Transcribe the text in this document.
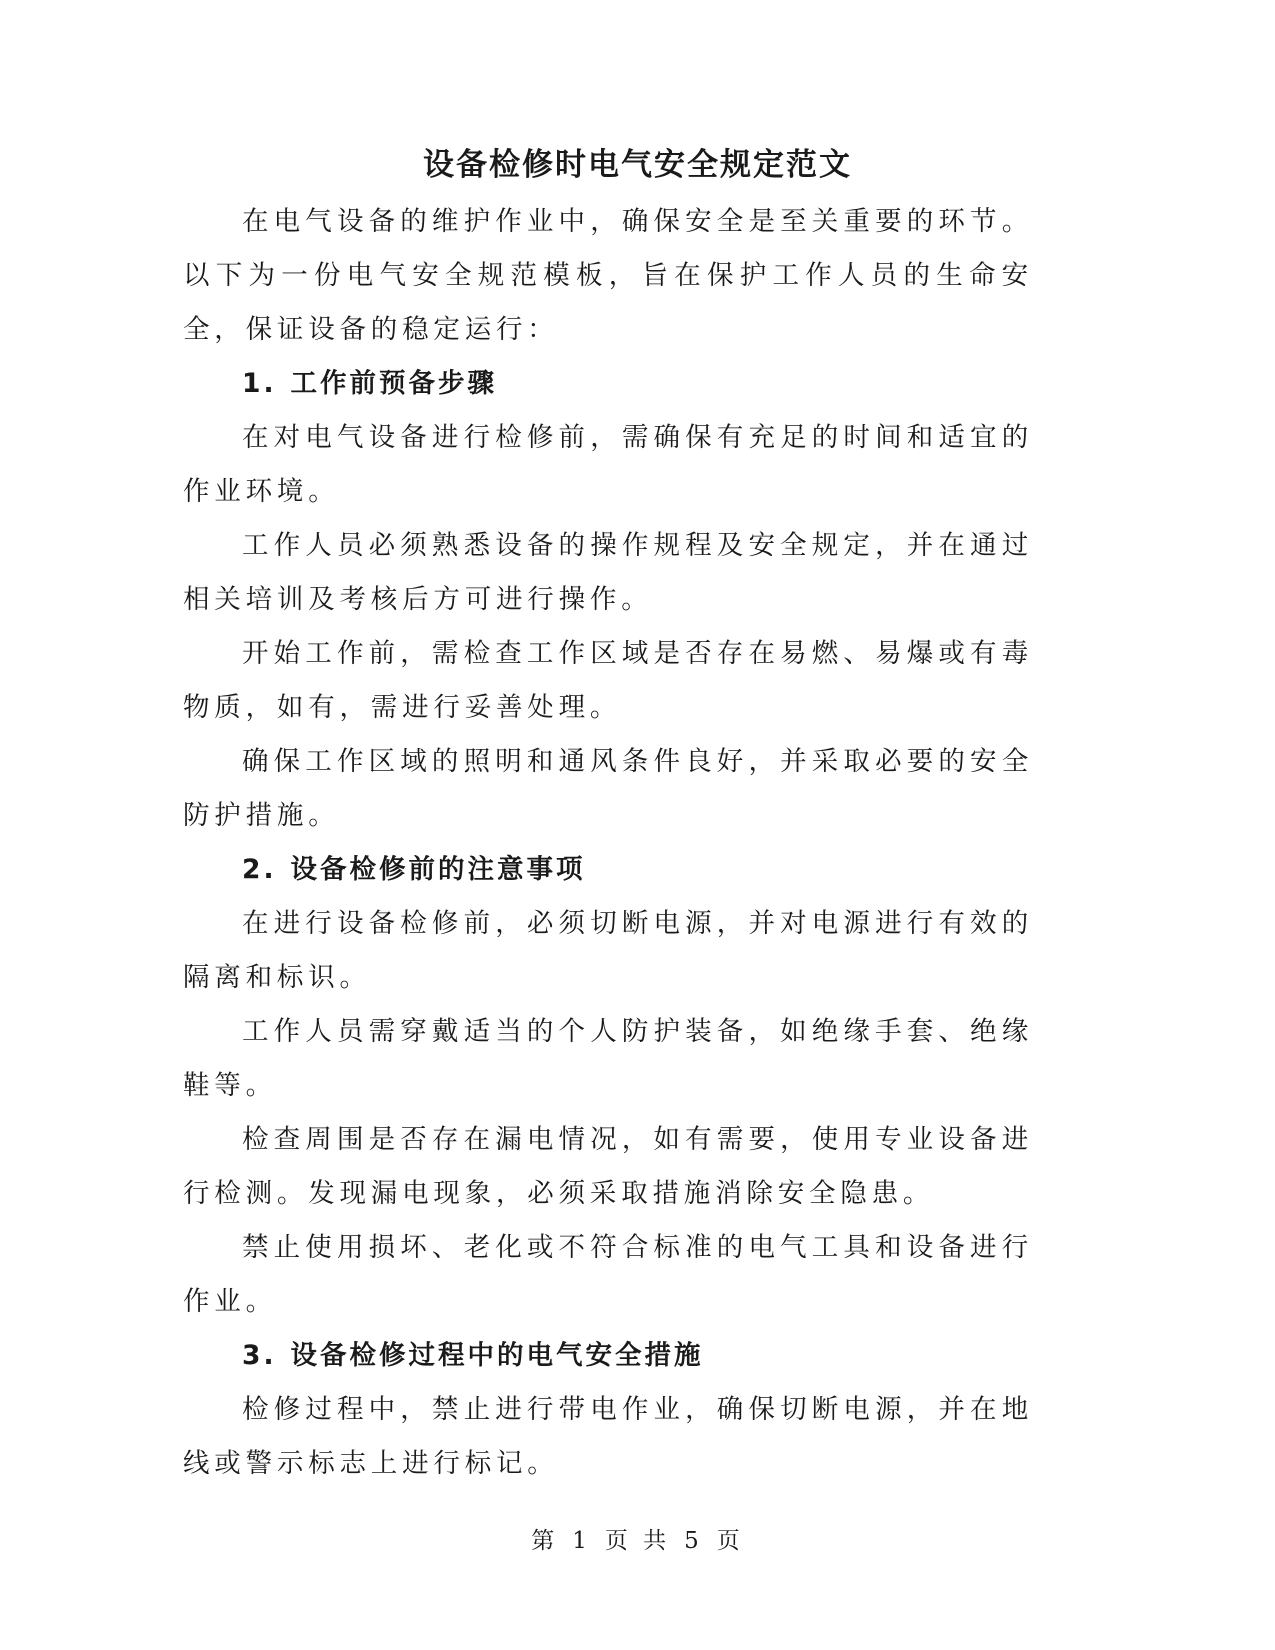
设备检修时电气安全规定范文

在电气设备的维护作业中，确保安全是至关重要的环节。以下为一份电气安全规范模板，旨在保护工作人员的生命安全，保证设备的稳定运行：

1. 工作前预备步骤

在对电气设备进行检修前，需确保有充足的时间和适宜的作业环境。

工作人员必须熟悉设备的操作规程及安全规定，并在通过相关培训及考核后方可进行操作。

开始工作前，需检查工作区域是否存在易燃、易爆或有毒物质，如有，需进行妥善处理。

确保工作区域的照明和通风条件良好，并采取必要的安全防护措施。

2. 设备检修前的注意事项

在进行设备检修前，必须切断电源，并对电源进行有效的隔离和标识。

工作人员需穿戴适当的个人防护装备，如绝缘手套、绝缘鞋等。

检查周围是否存在漏电情况，如有需要，使用专业设备进行检测。发现漏电现象，必须采取措施消除安全隐患。

禁止使用损坏、老化或不符合标准的电气工具和设备进行作业。

3. 设备检修过程中的电气安全措施

检修过程中，禁止进行带电作业，确保切断电源，并在地线或警示标志上进行标记。

第 1 页 共 5 页
